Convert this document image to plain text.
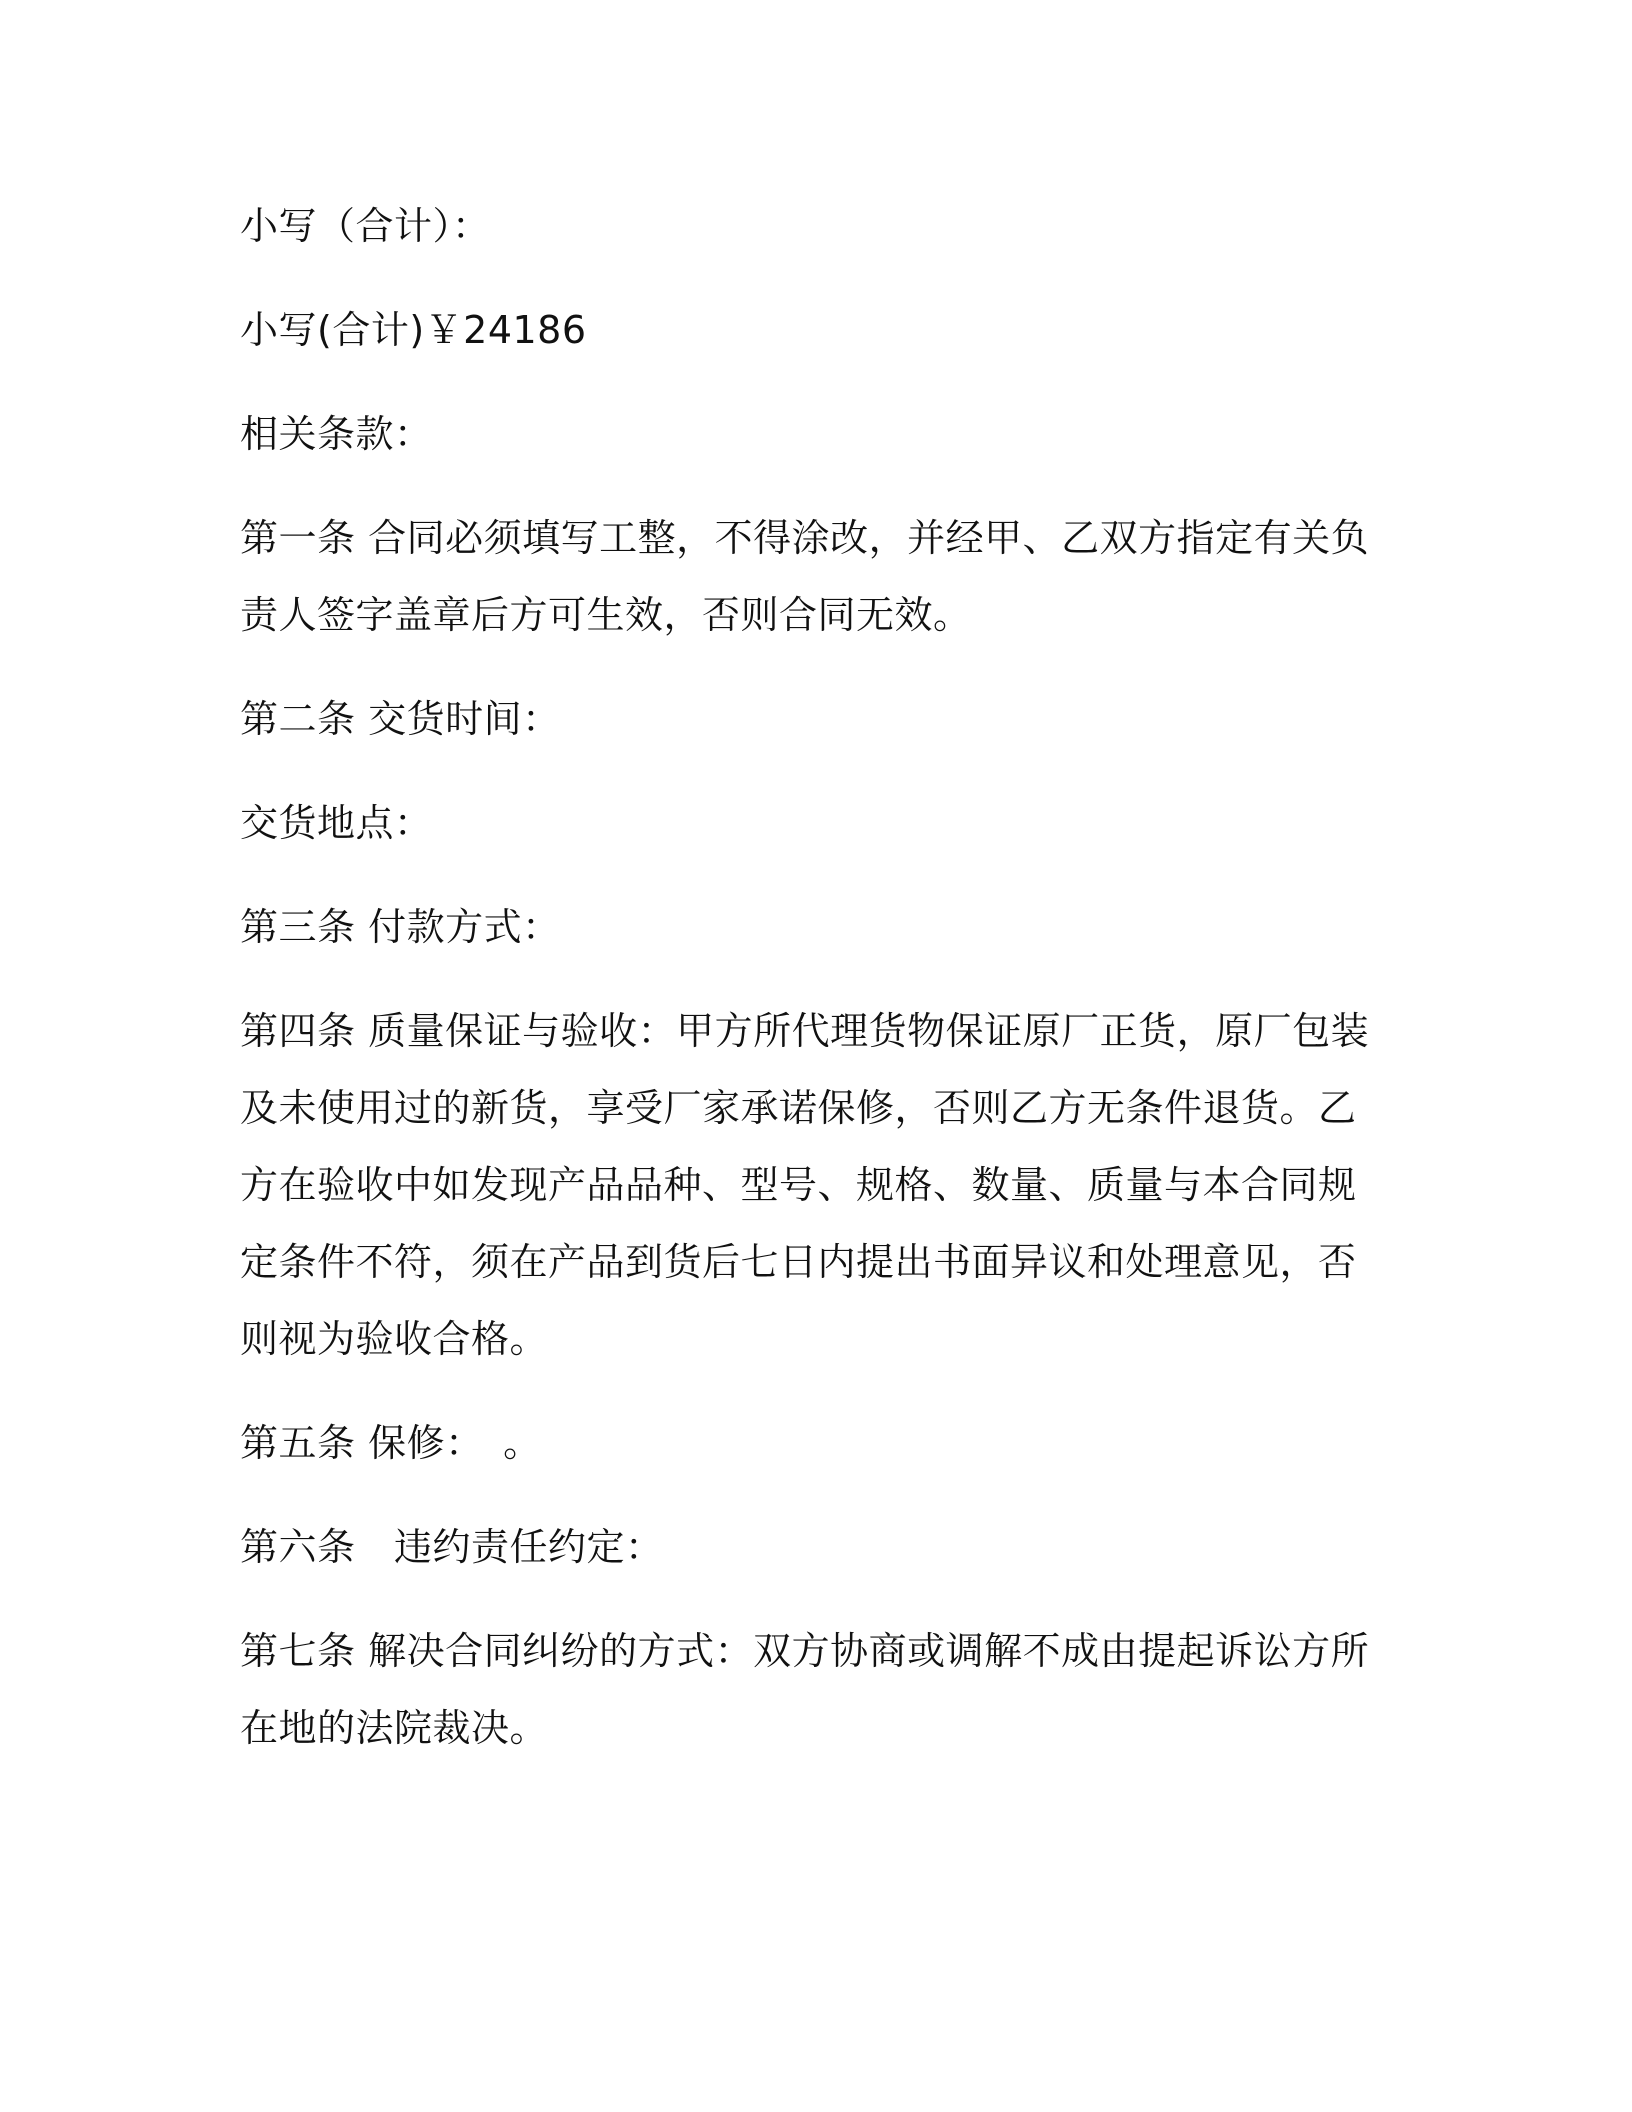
小写（合计）：

小写(合计)￥24186

相关条款：

第一条 合同必须填写工整，不得涂改，并经甲、乙双方指定有关负责人签字盖章后方可生效，否则合同无效。

第二条 交货时间：

交货地点：

第三条 付款方式：

第四条 质量保证与验收：甲方所代理货物保证原厂正货，原厂包装及未使用过的新货，享受厂家承诺保修，否则乙方无条件退货。乙方在验收中如发现产品品种、型号、规格、数量、质量与本合同规定条件不符，须在产品到货后七日内提出书面异议和处理意见，否则视为验收合格。

第五条 保修：　。

第六条　违约责任约定：

第七条 解决合同纠纷的方式：双方协商或调解不成由提起诉讼方所在地的法院裁决。
